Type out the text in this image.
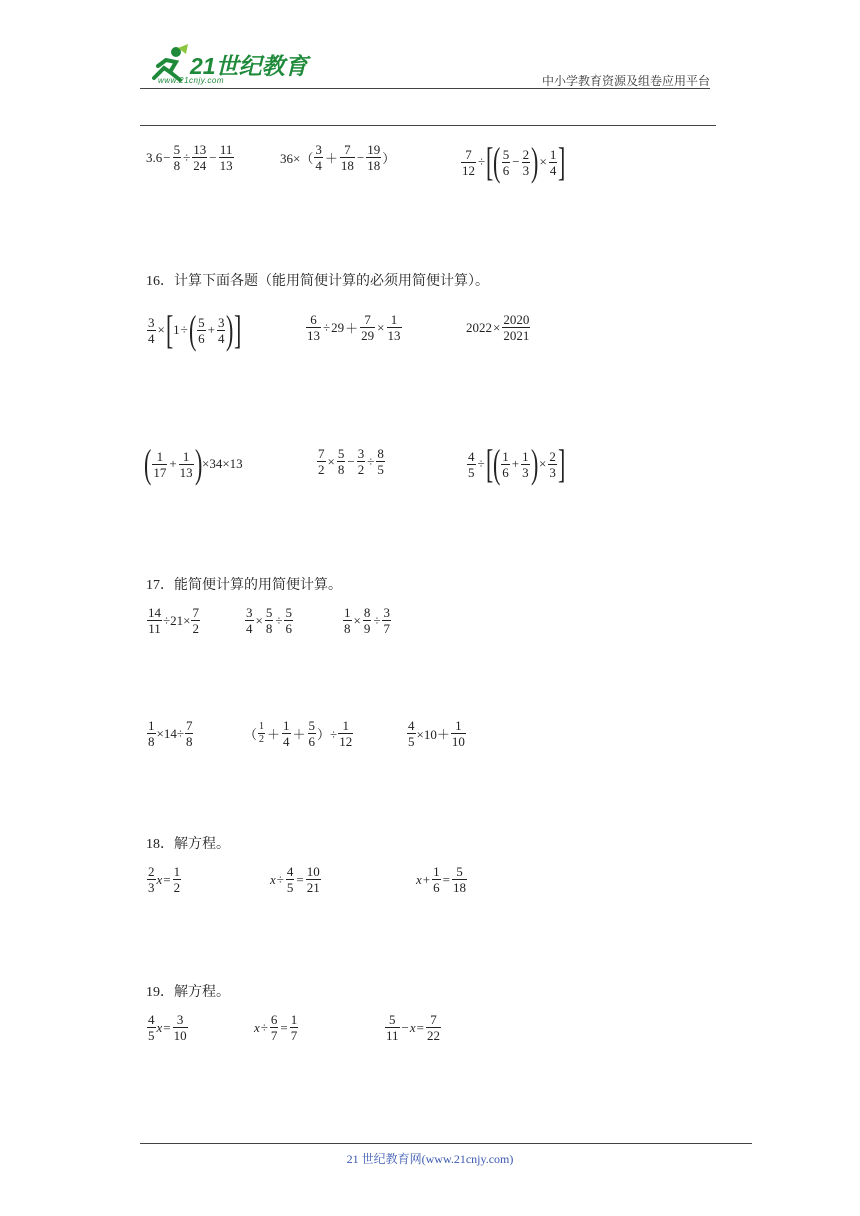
21世纪教育
www.21cnjy.com	中小学教育资源及组卷应用平台
$3.6 - \frac{5}{8} \div \frac{13}{24} - \frac{11}{13}$	$36\times( \frac{3}{4} + \frac{7}{18} - \frac{19}{18}$ ）	$\frac{7}{12}$ ÷ [ ( $\frac{5}{6} - \frac{2}{3}$ ) × $\frac{1}{4}$ ]
16．计算下面各题（能用简便计算的必须用简便计算）。
$\frac{3}{4}$ × [ 1 ÷ ( $\frac{5}{6} + \frac{3}{4}$ ) ]	$\frac{6}{13} \div 29 + \frac{7}{29} \times \frac{1}{13}$	$2022 \times \frac{2020}{2021}$
( $\frac{1}{17} + \frac{1}{13}$ ) ×34×13	$\frac{7}{2} \times \frac{5}{8} - \frac{3}{2} \div \frac{8}{5}$	$\frac{4}{5}$ ÷ [ ( $\frac{1}{6} + \frac{1}{3}$ ) × $\frac{2}{3}$ ]
17．能简便计算的用简便计算。
$\frac{14}{11} \div 21\times \frac{7}{2}$	$\frac{3}{4} \times \frac{5}{8} \div \frac{5}{6}$	$\frac{1}{8} \times \frac{8}{9} \div \frac{3}{7}$
$\frac{1}{8} \times 14\div \frac{7}{8}$	（ $\frac{1}{2} + \frac{1}{4} + \frac{5}{6}$ ）÷ $\frac{1}{12}$	$\frac{4}{5} \times 10+ \frac{1}{10}$
18．解方程。
$\frac{2}{3}$ $x = \frac{1}{2}$	$x \div \frac{4}{5} = \frac{10}{21}$	$x + \frac{1}{6} = \frac{5}{18}$
19．解方程。
$\frac{4}{5}$ $x = \frac{3}{10}$	$x \div \frac{6}{7} = \frac{1}{7}$	$\frac{5}{11} - x = \frac{7}{22}$
21 世纪教育网(www.21cnjy.com)
